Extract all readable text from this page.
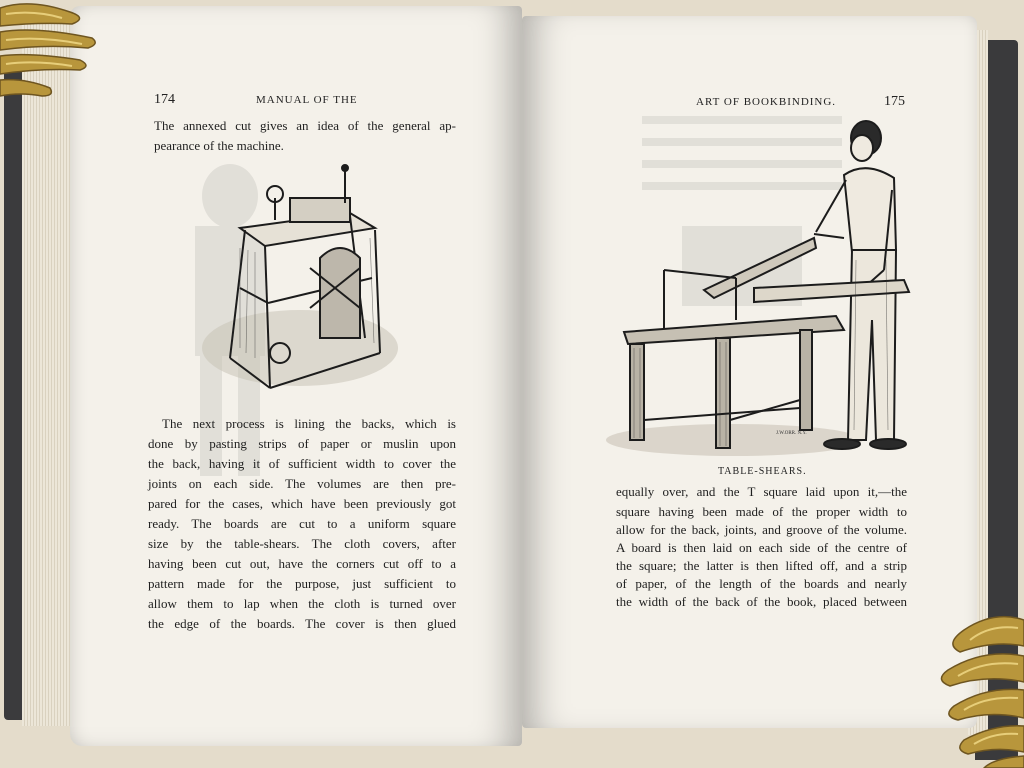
174	MANUAL OF THE
The annexed cut gives an idea of the general ap-
pearance of the machine.
The next process is lining the backs, which is
done by pasting strips of paper or muslin upon
the back, having it of sufficient width to cover the
joints on each side. The volumes are then pre-
pared for the cases, which have been previously got
ready. The boards are cut to a uniform square
size by the table-shears. The cloth covers, after
having been cut out, have the corners cut off to a
pattern made for the purpose, just sufficient to
allow them to lap when the cloth is turned over
the edge of the boards. The cover is then glued
ART OF BOOKBINDING.	175
J.W.ORR. N.Y.
TABLE-SHEARS.
equally over, and the T square laid upon it,—the
square having been made of the proper width to
allow for the back, joints, and groove of the volume.
A board is then laid on each side of the centre of
the square; the latter is then lifted off, and a strip
of paper, of the length of the boards and nearly
the width of the back of the book, placed between
